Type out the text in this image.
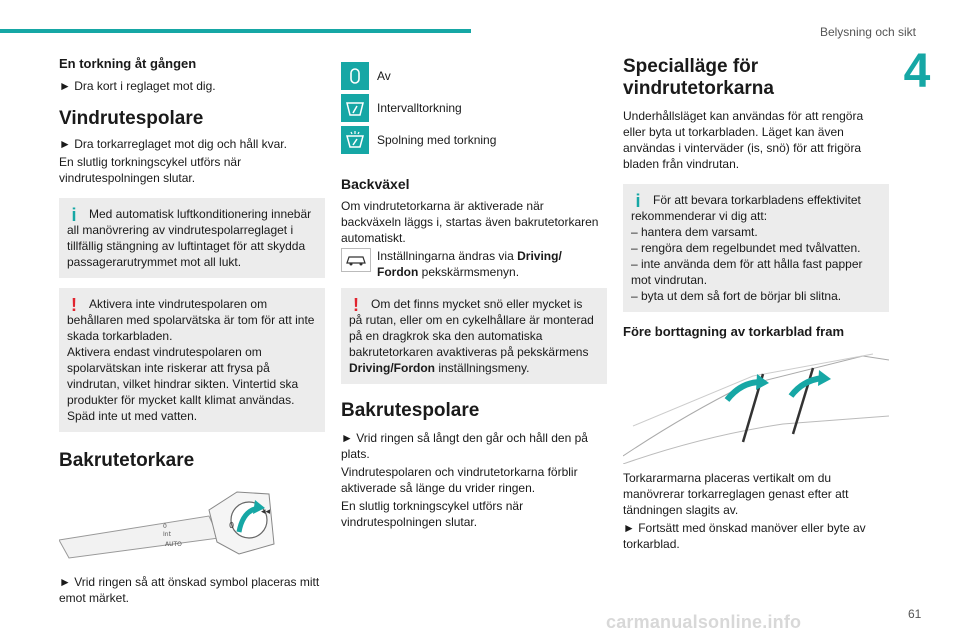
Belysning och sikt
4
61
carmanualsonline.info
En torkning åt gången

► Dra kort i reglaget mot dig.

Vindrutespolare

► Dra torkarreglaget mot dig och håll kvar.

En slutlig torkningscykel utförs när vindrutespolningen slutar.

i	Med automatisk luftkonditionering innebär all manövrering av vindrutespolarreglaget i tillfällig stängning av luftintaget för att skydda passagerarutrymmet mot all lukt.
!	Aktivera inte vindrutespolaren om behållaren med spolarvätska är tom för att inte skada torkarbladen.
Aktivera endast vindrutespolaren om spolarvätskan inte riskerar att frysa på vindrutan, vilket hindrar sikten. Vintertid ska produkter för mycket kallt klimat användas. Späd inte ut med vatten.
Bakrutetorkare
◂◂
0
0
Int
AUTO

► Vrid ringen så att önskad symbol placeras mitt emot märket.

Av
Intervalltorkning
Spolning med torkning
Backväxel

Om vindrutetorkarna är aktiverade när backväxeln läggs i, startas även bakrutetorkaren automatiskt.

Inställningarna ändras via Driving/
Fordon pekskärmsmenyn.
!	Om det finns mycket snö eller mycket is på rutan, eller om en cykelhållare är monterad på en dragkrok ska den automatiska bakrutetorkaren avaktiveras på pekskärmens Driving/Fordon inställningsmeny.
Bakrutespolare

► Vrid ringen så långt den går och håll den på plats.

Vindrutespolaren och vindrutetorkarna förblir aktiverade så länge du vrider ringen.

En slutlig torkningscykel utförs när vindrutespolningen slutar.

Specialläge för vindrutetorkarna

Underhållsläget kan användas för att rengöra eller byta ut torkarbladen. Läget kan även användas i vinterväder (is, snö) för att frigöra bladen från vindrutan.

i	För att bevara torkarbladens effektivitet rekommenderar vi dig att:
– hantera dem varsamt.
– rengöra dem regelbundet med tvålvatten.
– inte använda dem för att hålla fast papper mot vindrutan.
– byta ut dem så fort de börjar bli slitna.
Före borttagning av torkarblad fram

Torkararmarna placeras vertikalt om du manövrerar torkarreglagen genast efter att tändningen slagits av.

► Fortsätt med önskad manöver eller byte av torkarblad.
